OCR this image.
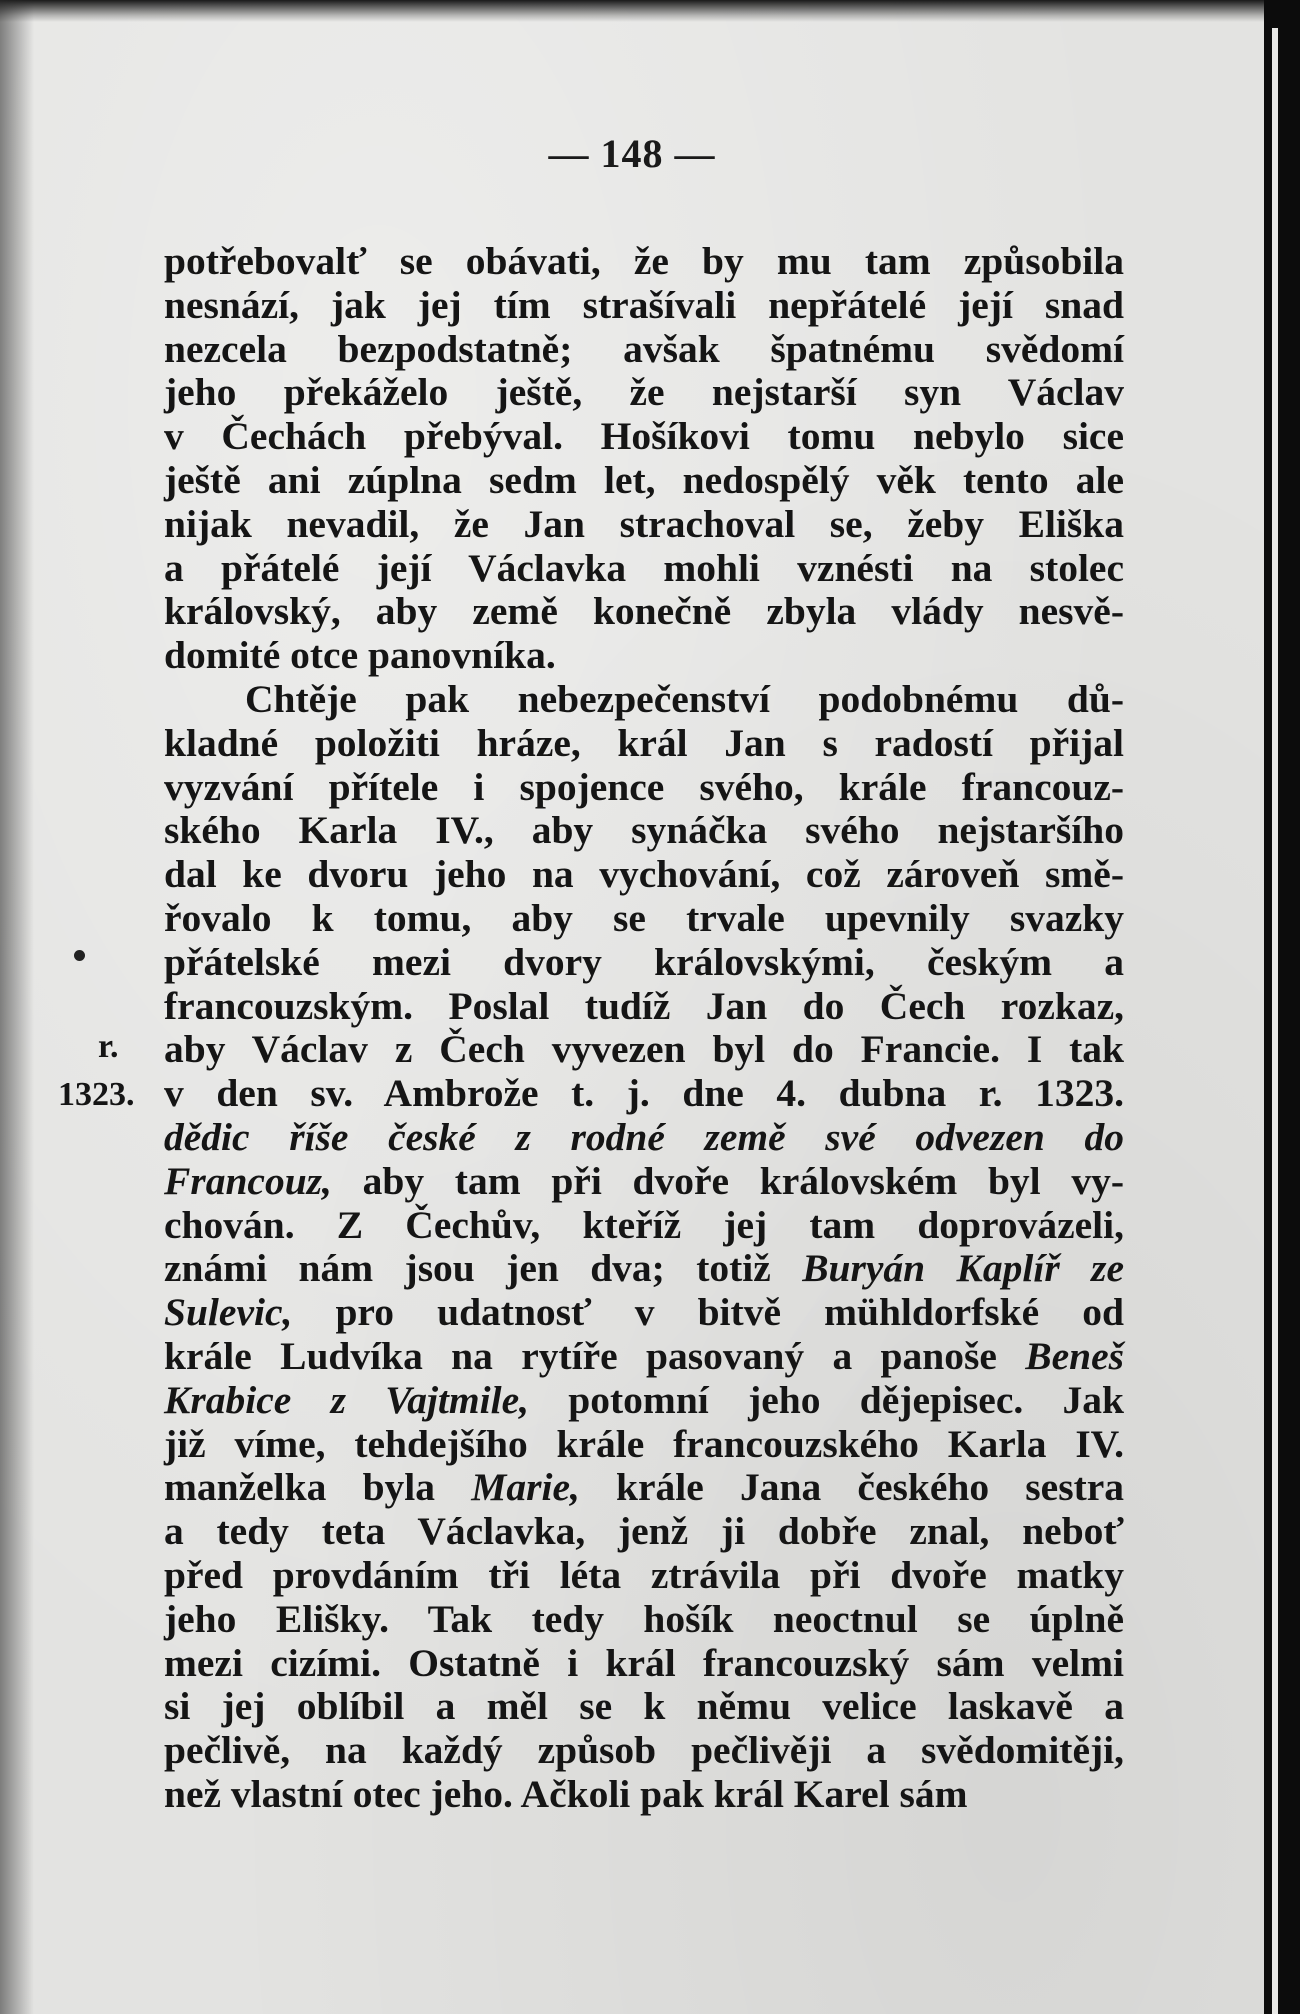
— 148 —
potřebovalť se obávati, že by mu tam způsobila
nesnází, jak jej tím strašívali nepřátelé její snad
nezcela bezpodstatně; avšak špatnému svědomí
jeho překáželo ještě, že nejstarší syn Václav
v Čechách přebýval. Hošíkovi tomu nebylo sice
ještě ani zúplna sedm let, nedospělý věk tento ale
nijak nevadil, že Jan strachoval se, žeby Eliška
a přátelé její Václavka mohli vznésti na stolec
královský, aby země konečně zbyla vlády nesvě-
domité otce panovníka.
Chtěje pak nebezpečenství podobnému dů-
kladné položiti hráze, král Jan s radostí přijal
vyzvání přítele i spojence svého, krále francouz-
ského Karla IV., aby synáčka svého nejstaršího
dal ke dvoru jeho na vychování, což zároveň smě-
řovalo k tomu, aby se trvale upevnily svazky
přátelské mezi dvory královskými, českým a
francouzským. Poslal tudíž Jan do Čech rozkaz,
aby Václav z Čech vyvezen byl do Francie. I tak
v den sv. Ambrože t. j. dne 4. dubna r. 1323.
dědic říše české z rodné země své odvezen do
Francouz, aby tam při dvoře královském byl vy-
chován. Z Čechův, kteříž jej tam doprovázeli,
známi nám jsou jen dva; totiž Buryán Kaplíř ze
Sulevic, pro udatnosť v bitvě mühldorfské od
krále Ludvíka na rytíře pasovaný a panoše Beneš
Krabice z Vajtmile, potomní jeho dějepisec. Jak
již víme, tehdejšího krále francouzského Karla IV.
manželka byla Marie, krále Jana českého sestra
a tedy teta Václavka, jenž ji dobře znal, neboť
před provdáním tři léta ztrávila při dvoře matky
jeho Elišky. Tak tedy hošík neoctnul se úplně
mezi cizími. Ostatně i král francouzský sám velmi
si jej oblíbil a měl se k němu velice laskavě a
pečlivě, na každý způsob pečlivěji a svědomitěji,
než vlastní otec jeho. Ačkoli pak král Karel sám
r.
1323.
